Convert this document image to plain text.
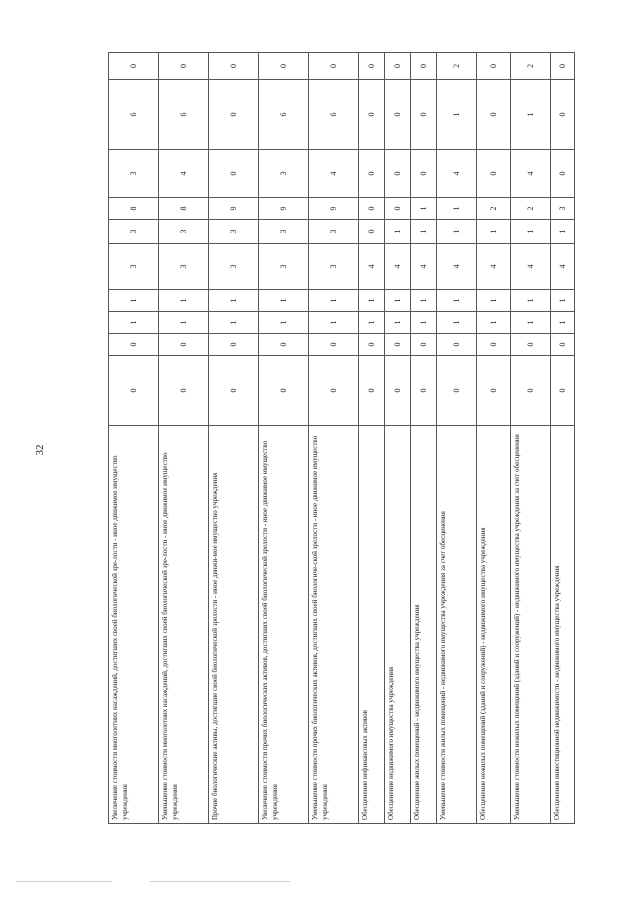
32
Увеличение стоимости многолетних насаждений, достигших своей биологической зре-лости - иное движимое имущество учреждения	0	0	1	1	3	3	8	3	6	0
Уменьшение стоимости многолетних насаждений, достигших своей биологической зре-лости - иное движимое имущество учреждения	0	0	1	1	3	3	8	4	6	0
Прочие биологические активы, достигшие своей биологической зрелости - иное движи-мое имущество учреждения	0	0	1	1	3	3	9	0	0	0
Увеличение стоимости прочих биологических активов, достигших своей биологической зрелости - иное движимое имущество учреждения	0	0	1	1	3	3	9	3	6	0
Уменьшение стоимости прочих биологических активов, достигших своей биологиче-ской зрелости - иное движимое имущество учреждения	0	0	1	1	3	3	9	4	6	0
Обесценение нефинансовых активов	0	0	1	1	4	0	0	0	0	0
Обесценение недвижимого имущества учреждения	0	0	1	1	4	1	0	0	0	0
Обесценение жилых помещений - недвижимого имущества учреждения	0	0	1	1	4	1	1	0	0	0
Уменьшение стоимости жилых помещений - недвижимого имущества учреждения за счет обесценения	0	0	1	1	4	1	1	4	1	2
Обесценение нежилых помещений (зданий и сооружений) - недвижимого имущества учреждения	0	0	1	1	4	1	2	0	0	0
Уменьшение стоимости нежилых помещений (зданий и сооружений) - недвижимого имущества учреждения за счет обесценения	0	0	1	1	4	1	2	4	1	2
Обесценение инвестиционной недвижимости - недвижимого имущества учреждения	0	0	1	1	4	1	3	0	0	0
